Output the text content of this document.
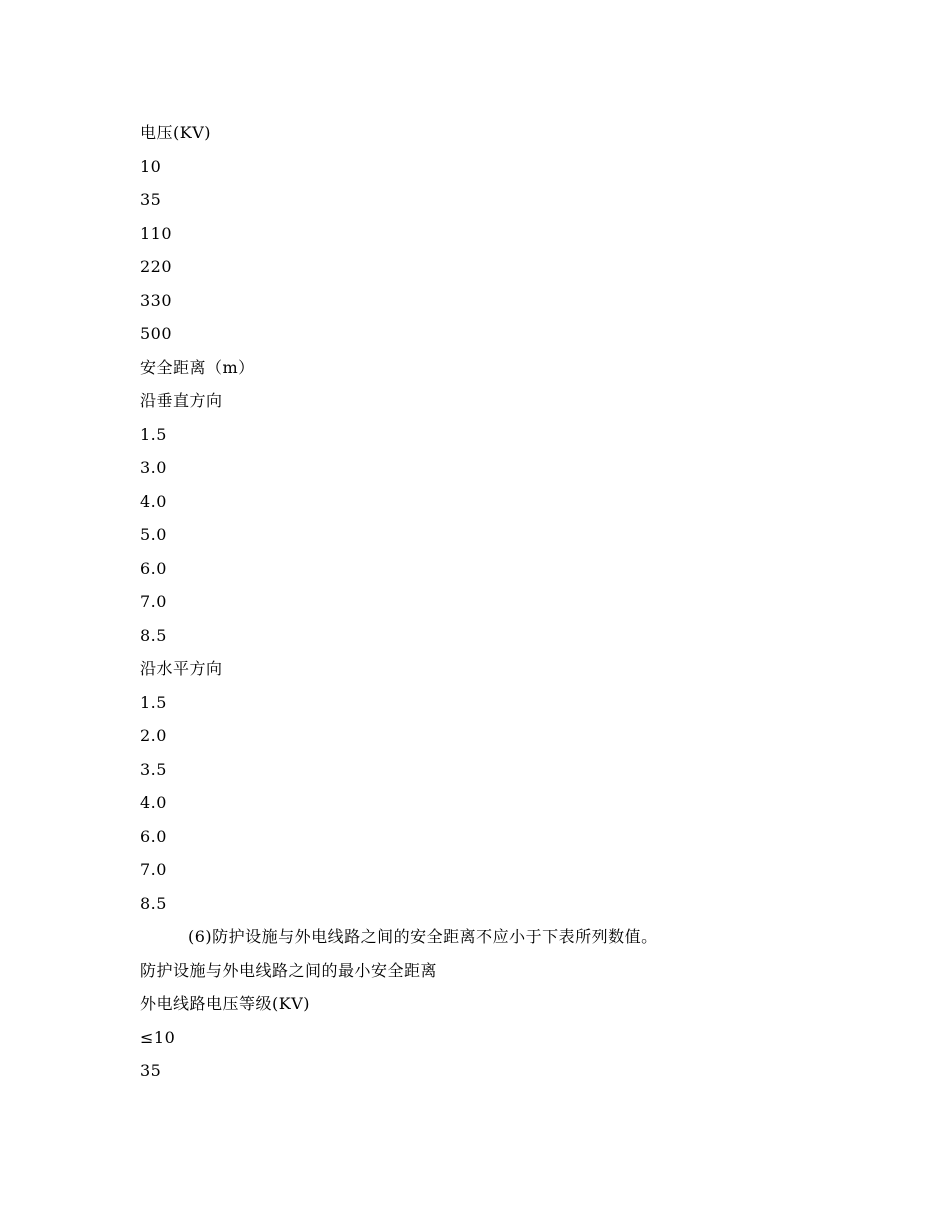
电压(KV)
10
35
110
220
330
500
安全距离（m）
沿垂直方向
1.5
3.0
4.0
5.0
6.0
7.0
8.5
沿水平方向
1.5
2.0
3.5
4.0
6.0
7.0
8.5
(6)防护设施与外电线路之间的安全距离不应小于下表所列数值。
防护设施与外电线路之间的最小安全距离
外电线路电压等级(KV)
≤10
35
